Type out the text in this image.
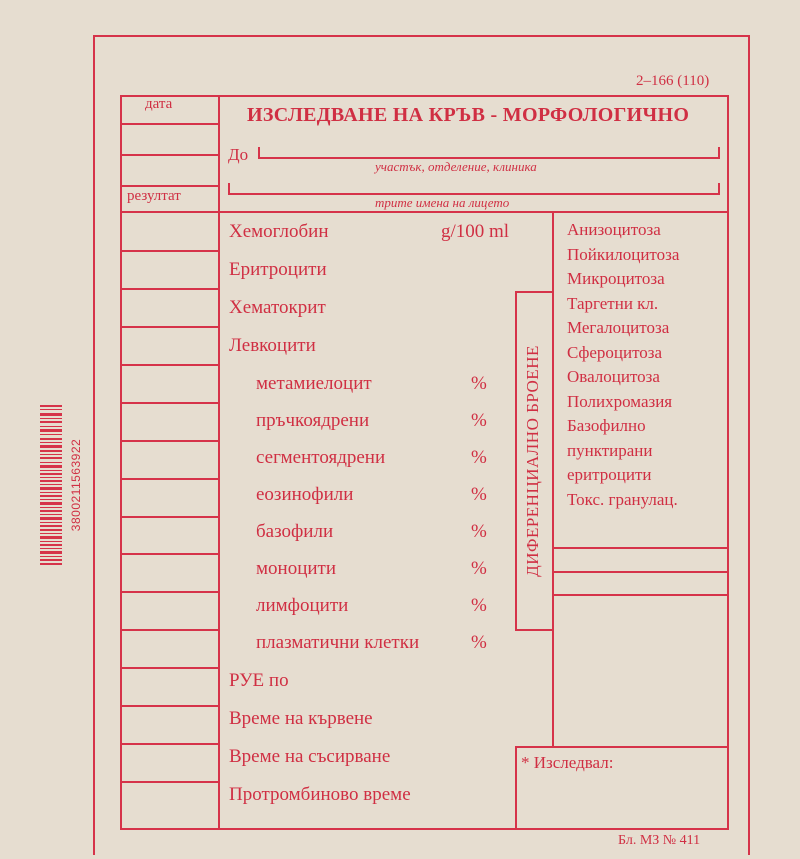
2–166 (110)
дата
резултат
ИЗСЛЕДВАНЕ НА КРЪВ - МОРФОЛОГИЧНО
До
участък, отделение, клиника
трите имена на лицето
Хемоглобин	g/100 ml
Еритроцити
Хематокрит
Левкоцити
метамиелоцит	%
пръчкоядрени	%
сегментоядрени	%
еозинофили	%
базофили	%
моноцити	%
лимфоцити	%
плазматични клетки	%
РУЕ по
Време на кървене
Време на съсирване
Протромбиново време
ДИФЕРЕНЦИАЛНО БРОЕНЕ
Анизоцитоза
Пойкилоцитоза
Микроцитоза
Таргетни кл.
Мегалоцитоза
Сфероцитоза
Овалоцитоза
Полихромазия
Базофилно
пунктирани
еритроцити
Токс. гранулац.
* Изследвал:
Бл. МЗ № 411
3800211563922
